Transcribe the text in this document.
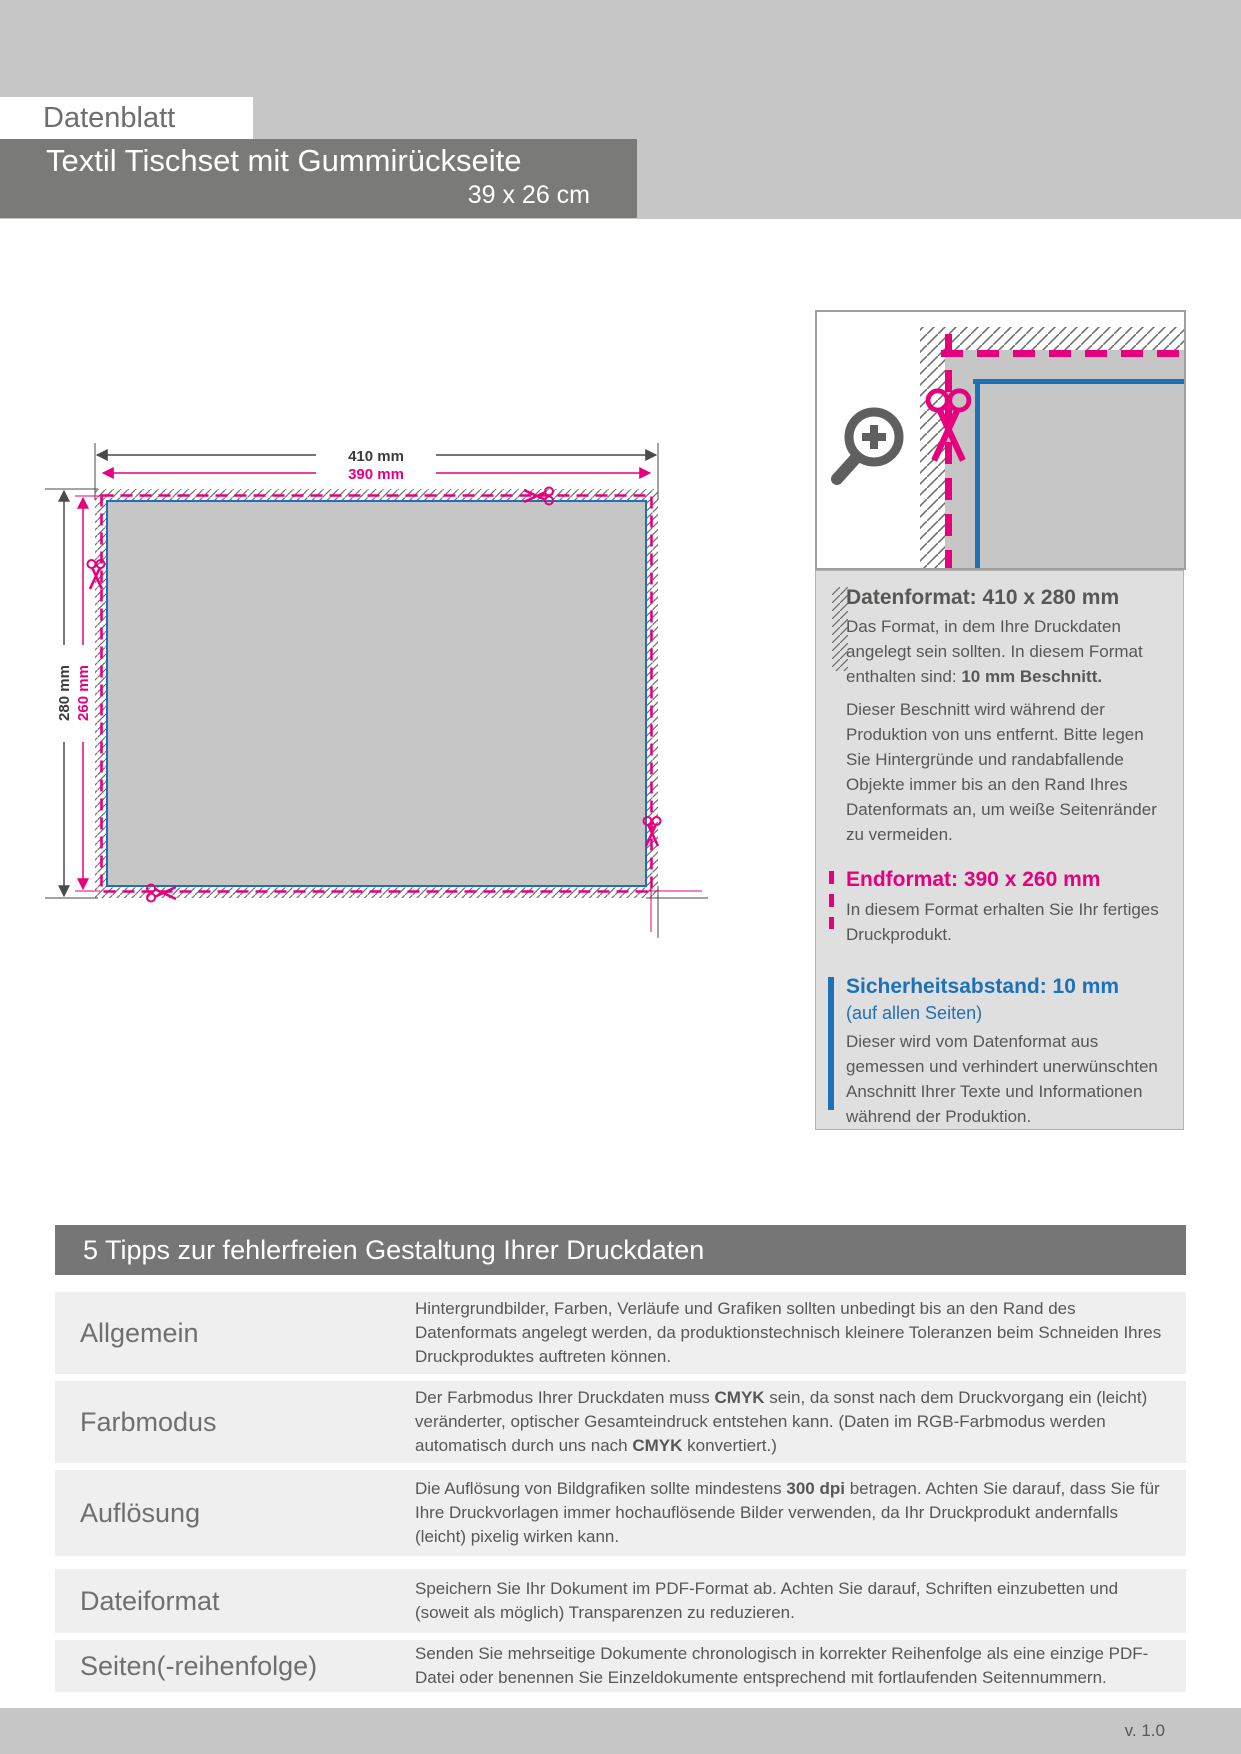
Datenblatt
Textil Tischset mit Gummirückseite
39 x 26 cm
410 mm
390 mm
280 mm 260 mm
Datenformat: 410 x 280 mm
Das Format, in dem Ihre Druckdaten angelegt sein sollten. In diesem Format enthalten sind: 10 mm Beschnitt.
Dieser Beschnitt wird während der Produktion von uns entfernt. Bitte legen Sie Hintergründe und randabfallende Objekte immer bis an den Rand Ihres Datenformats an, um weiße Seitenränder zu vermeiden.
Endformat: 390 x 260 mm
In diesem Format erhalten Sie Ihr fertiges Druckprodukt.
Sicherheitsabstand: 10 mm
(auf allen Seiten)
Dieser wird vom Datenformat aus gemessen und verhindert unerwünschten Anschnitt Ihrer Texte und Informationen während der Produktion.
5 Tipps zur fehlerfreien Gestaltung Ihrer Druckdaten
Allgemein
Hintergrundbilder, Farben, Verläufe und Grafiken sollten unbedingt bis an den Rand des Datenformats angelegt werden, da produktionstechnisch kleinere Toleranzen beim Schneiden Ihres Druckproduktes auftreten können.
Farbmodus
Der Farbmodus Ihrer Druckdaten muss CMYK sein, da sonst nach dem Druckvorgang ein (leicht) veränderter, optischer Gesamteindruck entstehen kann. (Daten im RGB-Farbmodus werden automatisch durch uns nach CMYK konvertiert.)
Auflösung
Die Auflösung von Bildgrafiken sollte mindestens 300 dpi betragen. Achten Sie darauf, dass Sie für Ihre Druckvorlagen immer hochauflösende Bilder verwenden, da Ihr Druckprodukt andernfalls (leicht) pixelig wirken kann.
Dateiformat	Speichern Sie Ihr Dokument im PDF-Format ab. Achten Sie darauf, Schriften einzubetten und (soweit als möglich) Transparenzen zu reduzieren.
Seiten(-reihenfolge)	Senden Sie mehrseitige Dokumente chronologisch in korrekter Reihenfolge als eine einzige PDF-Datei oder benennen Sie Einzeldokumente entsprechend mit fortlaufenden Seitennummern.
v. 1.0
